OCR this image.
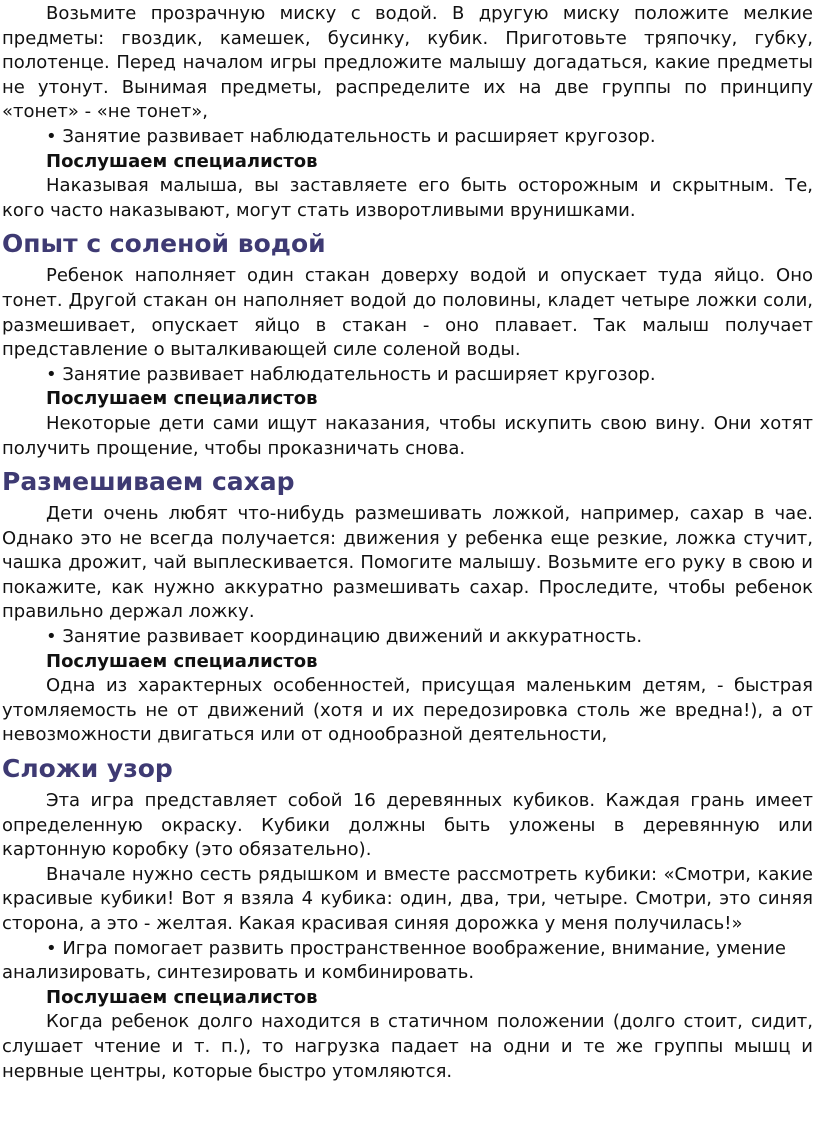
Возьмите прозрачную миску с водой. В другую миску положите мелкие предметы: гвоздик, камешек, бусинку, кубик. Приготовьте тряпочку, губку, полотенце. Перед началом игры предложите малышу догадаться, какие предметы не утонут. Вынимая предметы, распределите их на две группы по принципу «тонет» - «не тонет»,

• Занятие развивает наблюдательность и расширяет кругозор.

Послушаем специалистов

Наказывая малыша, вы заставляете его быть осторожным и скрытным. Те, кого часто наказывают, могут стать изворотливыми врунишками.

Опыт с соленой водой

Ребенок наполняет один стакан доверху водой и опускает туда яйцо. Оно тонет. Другой стакан он наполняет водой до половины, кладет четыре ложки соли, размешивает, опускает яйцо в стакан - оно плавает. Так малыш получает представление о выталкивающей силе соленой воды.

• Занятие развивает наблюдательность и расширяет кругозор.

Послушаем специалистов

Некоторые дети сами ищут наказания, чтобы искупить свою вину. Они хотят получить прощение, чтобы проказничать снова.

Размешиваем сахар

Дети очень любят что-нибудь размешивать ложкой, например, сахар в чае. Однако это не всегда получается: движения у ребенка еще резкие, ложка стучит, чашка дрожит, чай выплескивается. Помогите малышу. Возьмите его руку в свою и покажите, как нужно аккуратно размешивать сахар. Проследите, чтобы ребенок правильно держал ложку.

• Занятие развивает координацию движений и аккуратность.

Послушаем специалистов

Одна из характерных особенностей, присущая маленьким детям, - быстрая утомляемость не от движений (хотя и их передозировка столь же вредна!), а от невозможности двигаться или от однообразной деятельности,

Сложи узор

Эта игра представляет собой 16 деревянных кубиков. Каждая грань имеет определенную окраску. Кубики должны быть уложены в деревянную или картонную коробку (это обязательно).

Вначале нужно сесть рядышком и вместе рассмотреть кубики: «Смотри, какие красивые кубики! Вот я взяла 4 кубика: один, два, три, четыре. Смотри, это синяя сторона, а это - желтая. Какая красивая синяя дорожка у меня получилась!»

• Игра помогает развить пространственное воображение, внимание, умение анализировать, синтезировать и комбинировать.

Послушаем специалистов

Когда ребенок долго находится в статичном положении (долго стоит, сидит, слушает чтение и т. п.), то нагрузка падает на одни и те же группы мышц и нервные центры, которые быстро утомляются.
